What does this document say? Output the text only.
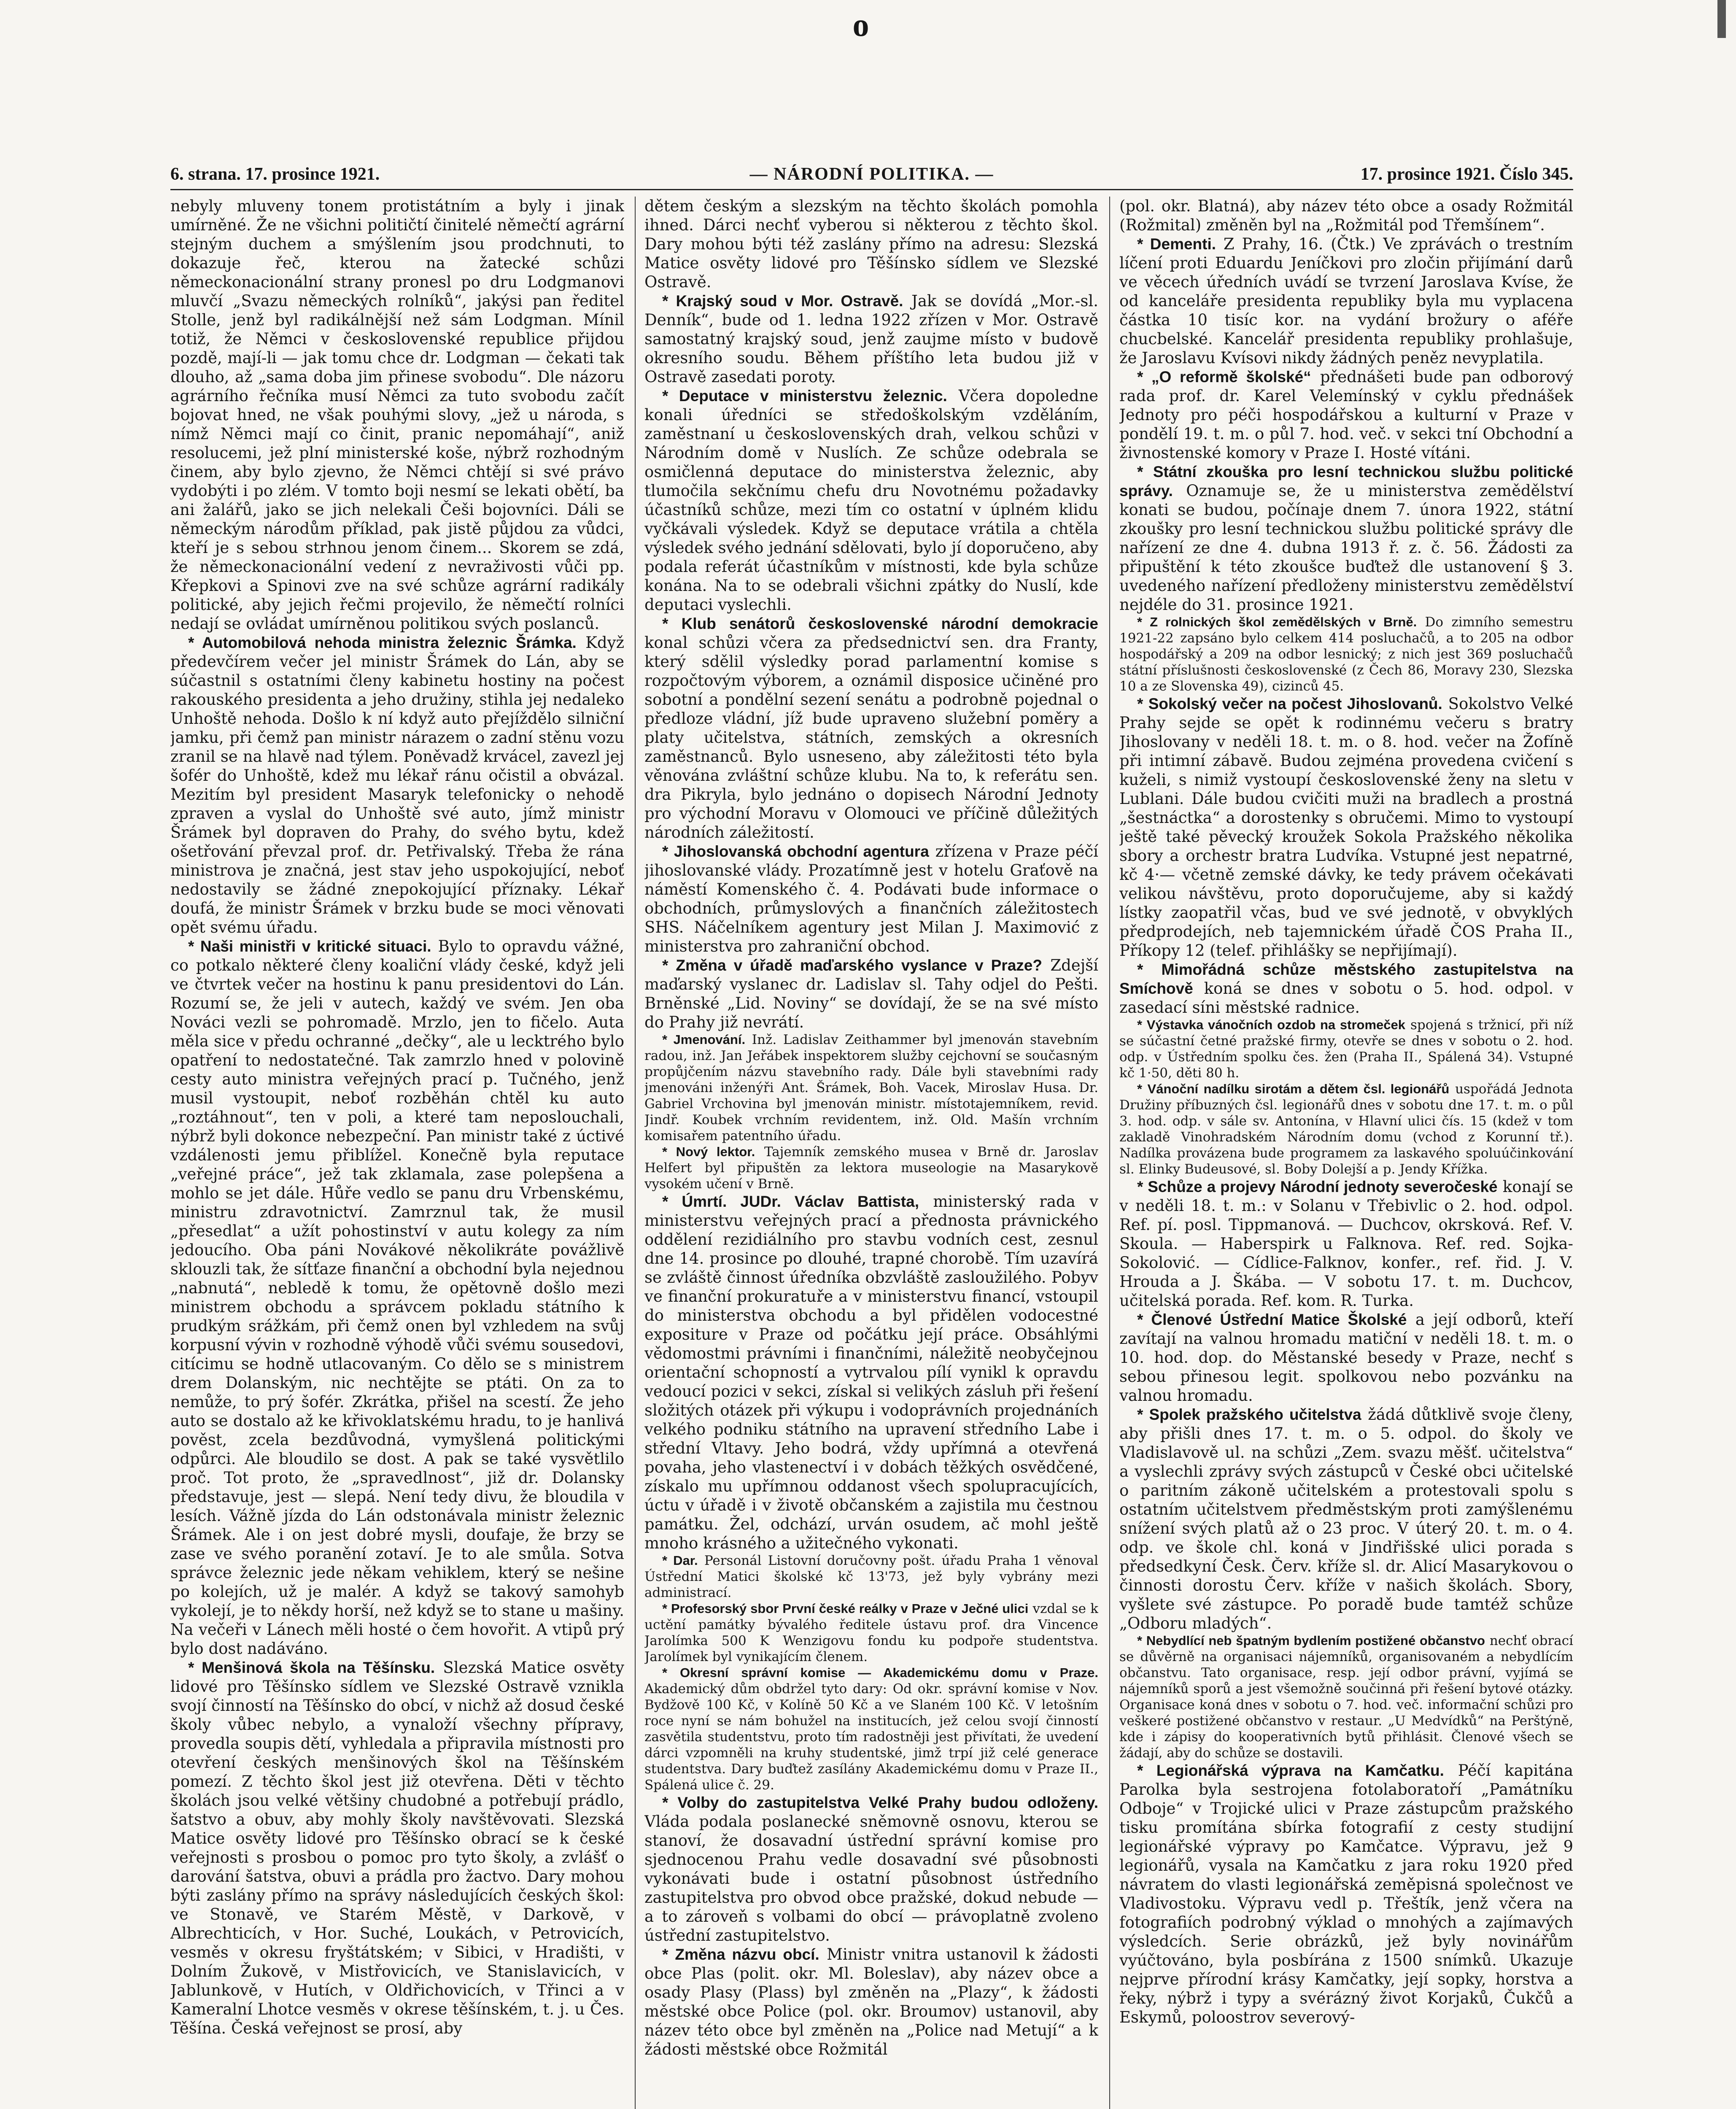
o
6. strana. 17. prosince 1921.	— NÁRODNÍ POLITIKA. —	17. prosince 1921. Číslo 345.

nebyly mluveny tonem protistátním a byly i jinak umírněné. Že ne všichni političtí činitelé němečtí agrární stejným duchem a smýšlením jsou prodchnuti, to dokazuje řeč, kterou na žatecké schůzi německonacionální strany pronesl po dru Lodgmanovi mluvčí „Svazu německých rolníků“, jakýsi pan ředitel Stolle, jenž byl radikálnější než sám Lodgman. Mínil totiž, že Němci v československé republice přijdou pozdě, mají-li — jak tomu chce dr. Lodgman — čekati tak dlouho, až „sama doba jim přinese svobodu“. Dle názoru agrárního řečníka musí Němci za tuto svobodu začít bojovat hned, ne však pouhými slovy, „jež u národa, s nímž Němci mají co činit, pranic nepomáhají“, aniž resolucemi, jež plní ministerské koše, nýbrž rozhodným činem, aby bylo zjevno, že Němci chtějí si své právo vydobýti i po zlém. V tomto boji nesmí se lekati obětí, ba ani žalářů, jako se jich nelekali Češi bojovníci. Dáli se německým národům příklad, pak jistě půjdou za vůdci, kteří je s sebou strhnou jenom činem... Skorem se zdá, že německonacionální vedení z nevraživosti vůči pp. Křepkovi a Spinovi zve na své schůze agrární radikály politické, aby jejich řečmi projevilo, že němečtí rolníci nedají se ovládat umírněnou politikou svých poslanců.

* Automobilová nehoda ministra železnic Šrámka. Když předevčírem večer jel ministr Šrámek do Lán, aby se súčastnil s ostatními členy kabinetu hostiny na počest rakouského presidenta a jeho družiny, stihla jej nedaleko Unhoště nehoda. Došlo k ní když auto přejíždělo silniční jamku, při čemž pan ministr nárazem o zadní stěnu vozu zranil se na hlavě nad týlem. Poněvadž krvácel, zavezl jej šofér do Unhoště, kdež mu lékař ránu očistil a obvázal. Mezitím byl president Masaryk telefonicky o nehodě zpraven a vyslal do Unhoště své auto, jímž ministr Šrámek byl dopraven do Prahy, do svého bytu, kdež ošetřování převzal prof. dr. Petřivalský. Třeba že rána ministrova je značná, jest stav jeho uspokojující, neboť nedostavily se žádné znepokojující příznaky. Lékař doufá, že ministr Šrámek v brzku bude se moci věnovati opět svému úřadu.

* Naši ministři v kritické situaci. Bylo to opravdu vážné, co potkalo některé členy koaliční vlády české, když jeli ve čtvrtek večer na hostinu k panu presidentovi do Lán. Rozumí se, že jeli v autech, každý ve svém. Jen oba Nováci vezli se pohromadě. Mrzlo, jen to fičelo. Auta měla sice v předu ochranné „dečky“, ale u lecktrého bylo opatření to nedostatečné. Tak zamrzlo hned v polovině cesty auto ministra veřejných prací p. Tučného, jenž musil vystoupit, neboť rozběhán chtěl ku auto „roztáhnout“, ten v poli, a které tam neposlouchali, nýbrž byli dokonce nebezpeční. Pan ministr také z úctivé vzdálenosti jemu přiblížel. Konečně byla reputace „veřejné práce“, jež tak zklamala, zase polepšena a mohlo se jet dále. Hůře vedlo se panu dru Vrbenskému, ministru zdravotnictví. Zamrznul tak, že musil „přesedlat“ a užít pohostinství v autu kolegy za ním jedoucího. Oba páni Novákové několikráte povážlivě sklouzli tak, že sítťaze finanční a obchodní byla nejednou „nabnutá“, nebledě k tomu, že opětovně došlo mezi ministrem obchodu a správcem pokladu státního k prudkým srážkám, při čemž onen byl vzhledem na svůj korpusní vývin v rozhodně výhodě vůči svému sousedovi, citícimu se hodně utlacovaným. Co dělo se s ministrem drem Dolanským, nic nechtějte se ptáti. On za to nemůže, to prý šofér. Zkrátka, přišel na scestí. Že jeho auto se dostalo až ke křivoklatskému hradu, to je hanlivá pověst, zcela bezdůvodná, vymyšlená politickými odpůrci. Ale bloudilo se dost. A pak se také vysvětlilo proč. Tot proto, že „spravedlnost“, již dr. Dolansky představuje, jest — slepá. Není tedy divu, že bloudila v lesích. Vážně jízda do Lán odstonávala ministr železnic Šrámek. Ale i on jest dobré mysli, doufaje, že brzy se zase ve svého poranění zotaví. Je to ale smůla. Sotva správce železnic jede někam vehiklem, který se nešine po kolejích, už je malér. A když se takový samohyb vykolejí, je to někdy horší, než když se to stane u mašiny. Na večeři v Lánech měli hosté o čem hovořit. A vtipů prý bylo dost nadáváno.

* Menšinová škola na Těšínsku. Slezská Matice osvěty lidové pro Těšínsko sídlem ve Slezské Ostravě vznikla svojí činností na Těšínsko do obcí, v nichž až dosud české školy vůbec nebylo, a vynaloží všechny přípravy, provedla soupis dětí, vyhledala a připravila místnosti pro otevření českých menšinových škol na Těšínském pomezí. Z těchto škol jest již otevřena. Děti v těchto školách jsou velké většiny chudobné a potřebují prádlo, šatstvo a obuv, aby mohly školy navštěvovati. Slezská Matice osvěty lidové pro Těšínsko obrací se k české veřejnosti s prosbou o pomoc pro tyto školy, a zvlášť o darování šatstva, obuvi a prádla pro žactvo. Dary mohou býti zaslány přímo na správy následujících českých škol: ve Stonavě, ve Starém Městě, v Darkově, v Albrechticích, v Hor. Suché, Loukách, v Petrovicích, vesměs v okresu fryštátském; v Sibici, v Hradišti, v Dolním Žukově, v Mistřovicích, ve Stanislavicích, v Jablunkově, v Hutích, v Oldřichovicích, v Třinci a v Kameralní Lhotce vesměs v okrese těšínském, t. j. u Čes. Těšína. Česká veřejnost se prosí, aby

dětem českým a slezským na těchto školách pomohla ihned. Dárci nechť vyberou si některou z těchto škol. Dary mohou býti též zaslány přímo na adresu: Slezská Matice osvěty lidové pro Těšínsko sídlem ve Slezské Ostravě.

* Krajský soud v Mor. Ostravě. Jak se dovídá „Mor.-sl. Denník“, bude od 1. ledna 1922 zřízen v Mor. Ostravě samostatný krajský soud, jenž zaujme místo v budově okresního soudu. Během příštího leta budou již v Ostravě zasedati poroty.

* Deputace v ministerstvu železnic. Včera dopoledne konali úředníci se středoškolským vzděláním, zaměstnaní u československých drah, velkou schůzi v Národním domě v Nuslích. Ze schůze odebrala se osmičlenná deputace do ministerstva železnic, aby tlumočila sekčnímu chefu dru Novotnému požadavky účastníků schůze, mezi tím co ostatní v úplném klidu vyčkávali výsledek. Když se deputace vrátila a chtěla výsledek svého jednání sdělovati, bylo jí doporučeno, aby podala referát účastníkům v místnosti, kde byla schůze konána. Na to se odebrali všichni zpátky do Nuslí, kde deputaci vyslechli.

* Klub senátorů československé národní demokracie konal schůzi včera za předsednictví sen. dra Franty, který sdělil výsledky porad parlamentní komise s rozpočtovým výborem, a oznámil disposice učiněné pro sobotní a pondělní sezení senátu a podrobně pojednal o předloze vládní, jíž bude upraveno služební poměry a platy učitelstva, státních, zemských a okresních zaměstnanců. Bylo usneseno, aby záležitosti této byla věnována zvláštní schůze klubu. Na to, k referátu sen. dra Pikryla, bylo jednáno o dopisech Národní Jednoty pro východní Moravu v Olomouci ve příčině důležitých národních záležitostí.

* Jihoslovanská obchodní agentura zřízena v Praze péčí jihoslovanské vlády. Prozatímně jest v hotelu Graťově na náměstí Komenského č. 4. Podávati bude informace o obchodních, průmyslových a finančních záležitostech SHS. Náčelníkem agentury jest Milan J. Maximović z ministerstva pro zahraniční obchod.

* Změna v úřadě maďarského vyslance v Praze? Zdejší maďarský vyslanec dr. Ladislav sl. Tahy odjel do Pešti. Brněnské „Lid. Noviny“ se dovídají, že se na své místo do Prahy již nevrátí.

* Jmenování. Inž. Ladislav Zeithammer byl jmenován stavebním radou, inž. Jan Jeřábek inspektorem služby cejchovní se současným propůjčením názvu stavebního rady. Dále byli stavebními rady jmenováni inženýři Ant. Šrámek, Boh. Vacek, Miroslav Husa. Dr. Gabriel Vrchovina byl jmenován ministr. místotajemníkem, revid. Jindř. Koubek vrchním revidentem, inž. Old. Mašín vrchním komisařem patentního úřadu.

* Nový lektor. Tajemník zemského musea v Brně dr. Jaroslav Helfert byl připuštěn za lektora museologie na Masarykově vysokém učení v Brně.

* Úmrtí. JUDr. Václav Battista, ministerský rada v ministerstvu veřejných prací a přednosta právnického oddělení rezidiálního pro stavbu vodních cest, zesnul dne 14. prosince po dlouhé, trapné chorobě. Tím uzavírá se zvláště činnost úředníka obzvláště zasloužilého. Pobyv ve finanční prokuratuře a v ministerstvu financí, vstoupil do ministerstva obchodu a byl přidělen vodocestné expositure v Praze od počátku její práce. Obsáhlými vědomostmi právními i finančními, náležitě neobyčejnou orientační schopností a vytrvalou pílí vynikl k opravdu vedoucí pozici v sekci, získal si velikých zásluh při řešení složitých otázek při výkupu i vodoprávních projednáních velkého podniku státního na upravení středního Labe i střední Vltavy. Jeho bodrá, vždy upřímná a otevřená povaha, jeho vlastenectví i v dobách těžkých osvědčené, získalo mu upřímnou oddanost všech spolupracujících, úctu v úřadě i v životě občanském a zajistila mu čestnou památku. Žel, odchází, urván osudem, ač mohl ještě mnoho krásného a užitečného vykonati.

* Dar. Personál Listovní doručovny pošt. úřadu Praha 1 věnoval Ústřední Matici školské kč 13'73, jež byly vybrány mezi administrací.

* Profesorský sbor První české reálky v Praze v Ječné ulici vzdal se k uctění památky bývalého ředitele ústavu prof. dra Vincence Jarolímka 500 K Wenzigovu fondu ku podpoře studentstva. Jarolímek byl vynikajícím členem.

* Okresní správní komise — Akademickému domu v Praze. Akademický dům obdržel tyto dary: Od okr. správní komise v Nov. Bydžově 100 Kč, v Kolíně 50 Kč a ve Slaném 100 Kč. V letošním roce nyní se nám bohužel na institucích, jež celou svojí činností zasvětila studentstvu, proto tím radostněji jest přivítati, že uvedení dárci vzpomněli na kruhy studentské, jimž trpí již celé generace studentstva. Dary buďtež zasílány Akademickému domu v Praze II., Spálená ulice č. 29.

* Volby do zastupitelstva Velké Prahy budou odloženy. Vláda podala poslanecké sněmovně osnovu, kterou se stanoví, že dosavadní ústřední správní komise pro sjednocenou Prahu vedle dosavadní své působnosti vykonávati bude i ostatní působnost ústředního zastupitelstva pro obvod obce pražské, dokud nebude — a to zároveň s volbami do obcí — právoplatně zvoleno ústřední zastupitelstvo.

* Změna názvu obcí. Ministr vnitra ustanovil k žádosti obce Plas (polit. okr. Ml. Boleslav), aby název obce a osady Plasy (Plass) byl změněn na „Plazy“, k žádosti městské obce Police (pol. okr. Broumov) ustanovil, aby název této obce byl změněn na „Police nad Metují“ a k žádosti městské obce Rožmitál

(pol. okr. Blatná), aby název této obce a osady Rožmitál (Rožmital) změněn byl na „Rožmitál pod Třemšínem“.

* Dementi. Z Prahy, 16. (Čtk.) Ve zprávách o trestním líčení proti Eduardu Jeníčkovi pro zločin přijímání darů ve věcech úředních uvádí se tvrzení Jaroslava Kvíse, že od kanceláře presidenta republiky byla mu vyplacena částka 10 tisíc kor. na vydání brožury o aféře chucbelské. Kancelář presidenta republiky prohlašuje, že Jaroslavu Kvísovi nikdy žádných peněz nevyplatila.

* „O reformě školské“ přednášeti bude pan odborový rada prof. dr. Karel Velemínský v cyklu přednášek Jednoty pro péči hospodářskou a kulturní v Praze v pondělí 19. t. m. o půl 7. hod. več. v sekci tní Obchodní a živnostenské komory v Praze I. Hosté vítáni.

* Státní zkouška pro lesní technickou službu politické správy. Oznamuje se, že u ministerstva zemědělství konati se budou, počínaje dnem 7. února 1922, státní zkoušky pro lesní technickou službu politické správy dle nařízení ze dne 4. dubna 1913 ř. z. č. 56. Žádosti za připuštění k této zkoušce buďtež dle ustanovení § 3. uvedeného nařízení předloženy ministerstvu zemědělství nejdéle do 31. prosince 1921.

* Z rolnických škol zemědělských v Brně. Do zimního semestru 1921-22 zapsáno bylo celkem 414 posluchačů, a to 205 na odbor hospodářský a 209 na odbor lesnický; z nich jest 369 posluchačů státní příslušnosti československé (z Čech 86, Moravy 230, Slezska 10 a ze Slovenska 49), cizinců 45.

* Sokolský večer na počest Jihoslovanů. Sokolstvo Velké Prahy sejde se opět k rodinnému večeru s bratry Jihoslovany v neděli 18. t. m. o 8. hod. večer na Žofíně při intimní zábavě. Budou zejména provedena cvičení s kuželi, s nimiž vystoupí československé ženy na sletu v Lublani. Dále budou cvičiti muži na bradlech a prostná „šestnáctka“ a dorostenky s obručemi. Mimo to vystoupí ještě také pěvecký kroužek Sokola Pražského několika sbory a orchestr bratra Ludvíka. Vstupné jest nepatrné, kč 4·— včetně zemské dávky, ke tedy právem očekávati velikou návštěvu, proto doporučujeme, aby si každý lístky zaopatřil včas, bud ve své jednotě, v obvyklých předprodejích, neb tajemnickém úřadě ČOS Praha II., Příkopy 12 (telef. přihlášky se nepřijímají).

* Mimořádná schůze městského zastupitelstva na Smíchově koná se dnes v sobotu o 5. hod. odpol. v zasedací síni městské radnice.

* Výstavka vánočních ozdob na stromeček spojená s tržnicí, při níž se súčastní četné pražské firmy, otevře se dnes v sobotu o 2. hod. odp. v Ústředním spolku čes. žen (Praha II., Spálená 34). Vstupné kč 1·50, děti 80 h.

* Vánoční nadílku sirotám a dětem čsl. legionářů uspořádá Jednota Družiny příbuzných čsl. legionářů dnes v sobotu dne 17. t. m. o půl 3. hod. odp. v sále sv. Antonína, v Hlavní ulici čís. 15 (kdež v tom zakladě Vinohradském Národním domu (vchod z Korunní tř.). Nadílka provázena bude programem za laskavého spoluúčinkování sl. Elinky Budeusové, sl. Boby Dolejší a p. Jendy Křížka.

* Schůze a projevy Národní jednoty severočeské konají se v neděli 18. t. m.: v Solanu v Třebivlic o 2. hod. odpol. Ref. pí. posl. Tippmanová. — Duchcov, okrsková. Ref. V. Skoula. — Haberspirk u Falknova. Ref. red. Sojka-Sokolović. — Cídlice-Falknov, konfer., ref. řid. J. V. Hrouda a J. Škába. — V sobotu 17. t. m. Duchcov, učitelská porada. Ref. kom. R. Turka.

* Členové Ústřední Matice Školské a její odborů, kteří zavítají na valnou hromadu matiční v neděli 18. t. m. o 10. hod. dop. do Městanské besedy v Praze, nechť s sebou přinesou legit. spolkovou nebo pozvánku na valnou hromadu.

* Spolek pražského učitelstva žádá důtklivě svoje členy, aby přišli dnes 17. t. m. o 5. odpol. do školy ve Vladislavově ul. na schůzi „Zem. svazu měšť. učitelstva“ a vyslechli zprávy svých zástupců v České obci učitelské o paritním zákoně učitelském a protestovali spolu s ostatním učitelstvem předměstským proti zamýšlenému snížení svých platů až o 23 proc. V úterý 20. t. m. o 4. odp. ve škole chl. koná v Jindřišské ulici porada s předsedkyní Česk. Červ. kříže sl. dr. Alicí Masarykovou o činnosti dorostu Červ. kříže v našich školách. Sbory, vyšlete své zástupce. Po poradě bude tamtéž schůze „Odboru mladých“.

* Nebydlící neb špatným bydlením postižené občanstvo nechť obrací se důvěrně na organisaci nájemníků, organisovaném a nebydlícím občanstvu. Tato organisace, resp. její odbor právní, vyjímá se nájemníků sporů a jest všemožně součinná při řešení bytové otázky. Organisace koná dnes v sobotu o 7. hod. več. informační schůzi pro veškeré postižené občanstvo v restaur. „U Medvídků“ na Perštýně, kde i zápisy do kooperativních bytů přihlásit. Členové všech se žádají, aby do schůze se dostavili.

* Legionářská výprava na Kamčatku. Péčí kapitána Parolka byla sestrojena fotolaboratoří „Památníku Odboje“ v Trojické ulici v Praze zástupcům pražského tisku promítána sbírka fotografií z cesty studijní legionářské výpravy po Kamčatce. Výpravu, jež 9 legionářů, vysala na Kamčatku z jara roku 1920 před návratem do vlasti legionářská zeměpisná společnost ve Vladivostoku. Výpravu vedl p. Třeštík, jenž včera na fotografiích podrobný výklad o mnohých a zajímavých výsledcích. Serie obrázků, jež byly novinářům vyúčtováno, byla posbírána z 1500 snímků. Ukazuje nejprve přírodní krásy Kamčatky, její sopky, horstva a řeky, nýbrž i typy a svérázný život Korjaků, Čukčů a Eskymů, poloostrov severový-
